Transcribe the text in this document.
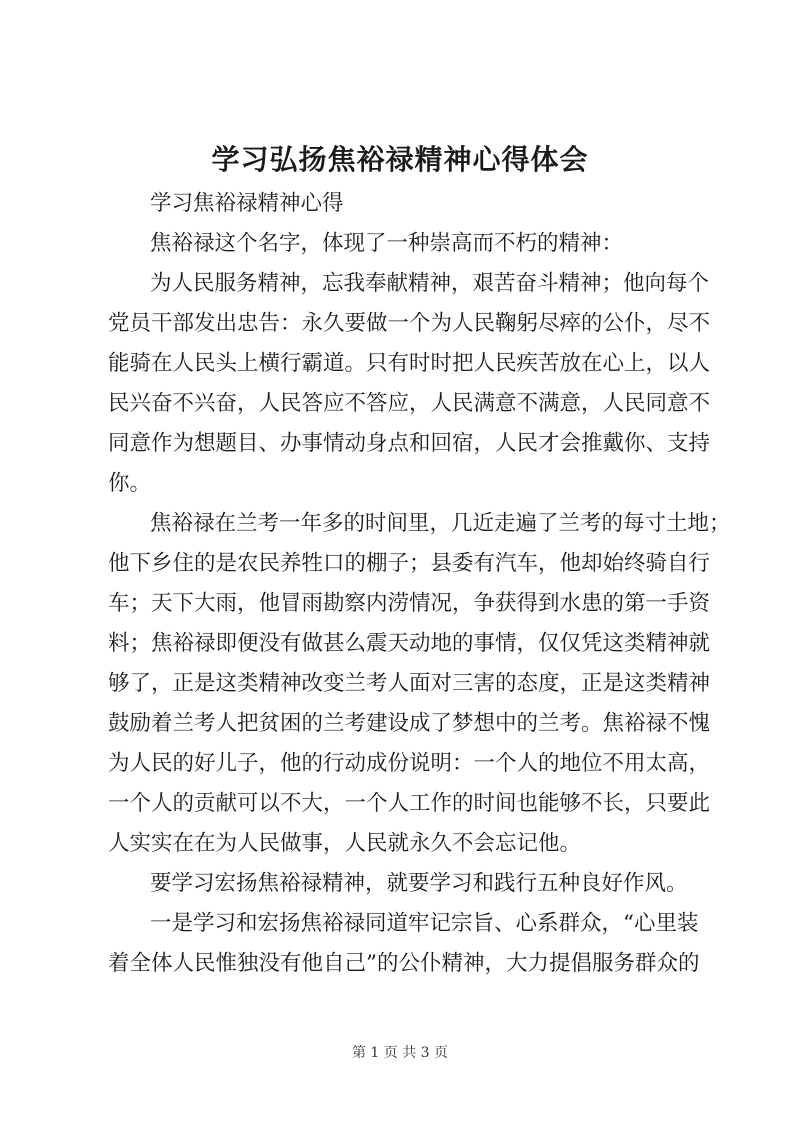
学习弘扬焦裕禄精神心得体会
学习焦裕禄精神心得
焦裕禄这个名字，体现了一种崇高而不朽的精神：
为人民服务精神，忘我奉献精神，艰苦奋斗精神；他向每个
党员干部发出忠告：永久要做一个为人民鞠躬尽瘁的公仆，尽不
能骑在人民头上横行霸道。只有时时把人民疾苦放在心上，以人
民兴奋不兴奋，人民答应不答应，人民满意不满意，人民同意不
同意作为想题目、办事情动身点和回宿，人民才会推戴你、支持
你。
焦裕禄在兰考一年多的时间里，几近走遍了兰考的每寸土地；
他下乡住的是农民养牲口的棚子；县委有汽车，他却始终骑自行
车；天下大雨，他冒雨勘察内涝情况，争获得到水患的第一手资
料；焦裕禄即便没有做甚么震天动地的事情，仅仅凭这类精神就
够了，正是这类精神改变兰考人面对三害的态度，正是这类精神
鼓励着兰考人把贫困的兰考建设成了梦想中的兰考。焦裕禄不愧
为人民的好儿子，他的行动成份说明：一个人的地位不用太高，
一个人的贡献可以不大，一个人工作的时间也能够不长，只要此
人实实在在为人民做事，人民就永久不会忘记他。
要学习宏扬焦裕禄精神，就要学习和践行五种良好作风。
一是学习和宏扬焦裕禄同道牢记宗旨、心系群众，“心里装
着全体人民惟独没有他自己”的公仆精神，大力提倡服务群众的
第 1 页 共 3 页
